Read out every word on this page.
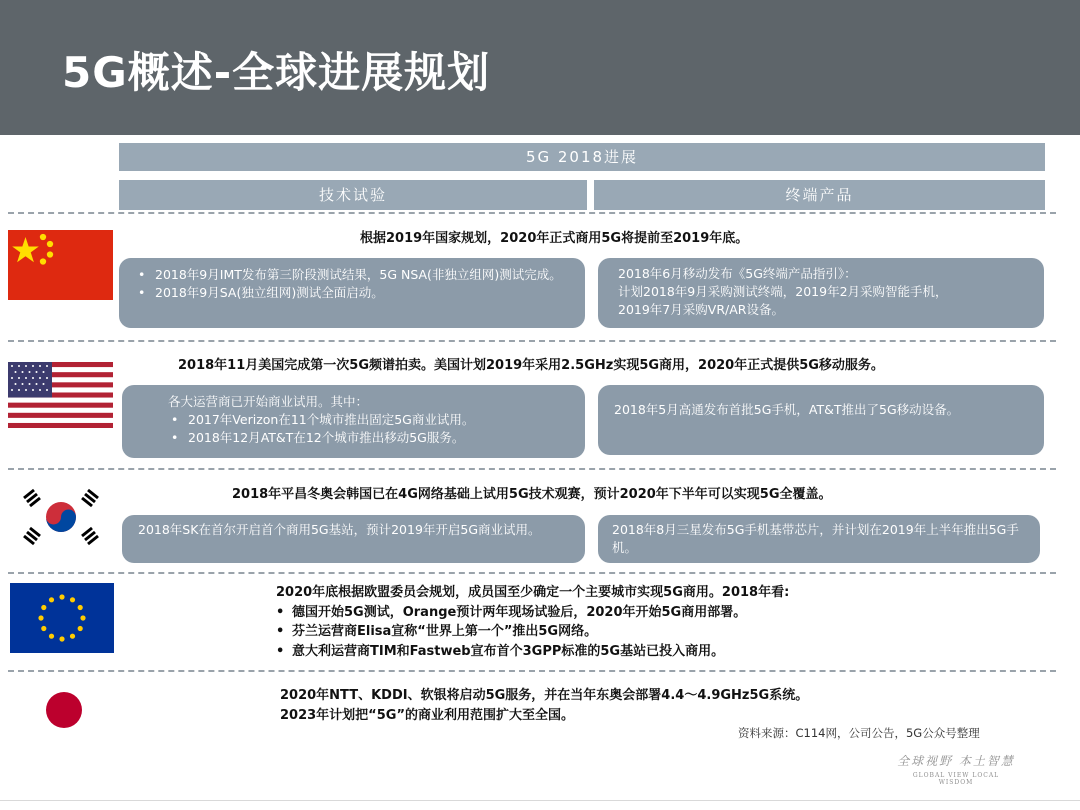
5G概述-全球进展规划
5G 2018进展
技术试验	终端产品
根据2019年国家规划，2020年正式商用5G将提前至2019年底。
• 2018年9月IMT发布第三阶段测试结果，5G NSA(非独立组网)测试完成。
• 2018年9月SA(独立组网)测试全面启动。
2018年6月移动发布《5G终端产品指引》：
计划2018年9月采购测试终端，2019年2月采购智能手机，
2019年7月采购VR/AR设备。
2018年11月美国完成第一次5G频谱拍卖。美国计划2019年采用2.5GHz实现5G商用，2020年正式提供5G移动服务。
各大运营商已开始商业试用。其中：
• 2017年Verizon在11个城市推出固定5G商业试用。
• 2018年12月AT&T在12个城市推出移动5G服务。
2018年5月高通发布首批5G手机，AT&T推出了5G移动设备。
2018年平昌冬奥会韩国已在4G网络基础上试用5G技术观赛，预计2020年下半年可以实现5G全覆盖。
2018年SK在首尔开启首个商用5G基站，预计2019年开启5G商业试用。	2018年8月三星发布5G手机基带芯片，并计划在2019年上半年推出5G手机。
2020年底根据欧盟委员会规划，成员国至少确定一个主要城市实现5G商用。2018年看:
• 德国开始5G测试，Orange预计两年现场试验后，2020年开始5G商用部署。
• 芬兰运营商Elisa宣称“世界上第一个”推出5G网络。
• 意大利运营商TIM和Fastweb宣布首个3GPP标准的5G基站已投入商用。
2020年NTT、KDDI、软银将启动5G服务，并在当年东奥会部署4.4～4.9GHz5G系统。
2023年计划把“5G”的商业利用范围扩大至全国。
资料来源：C114网，公司公告，5G公众号整理
全球视野 本土智慧
GLOBAL VIEW LOCAL WISDOM
